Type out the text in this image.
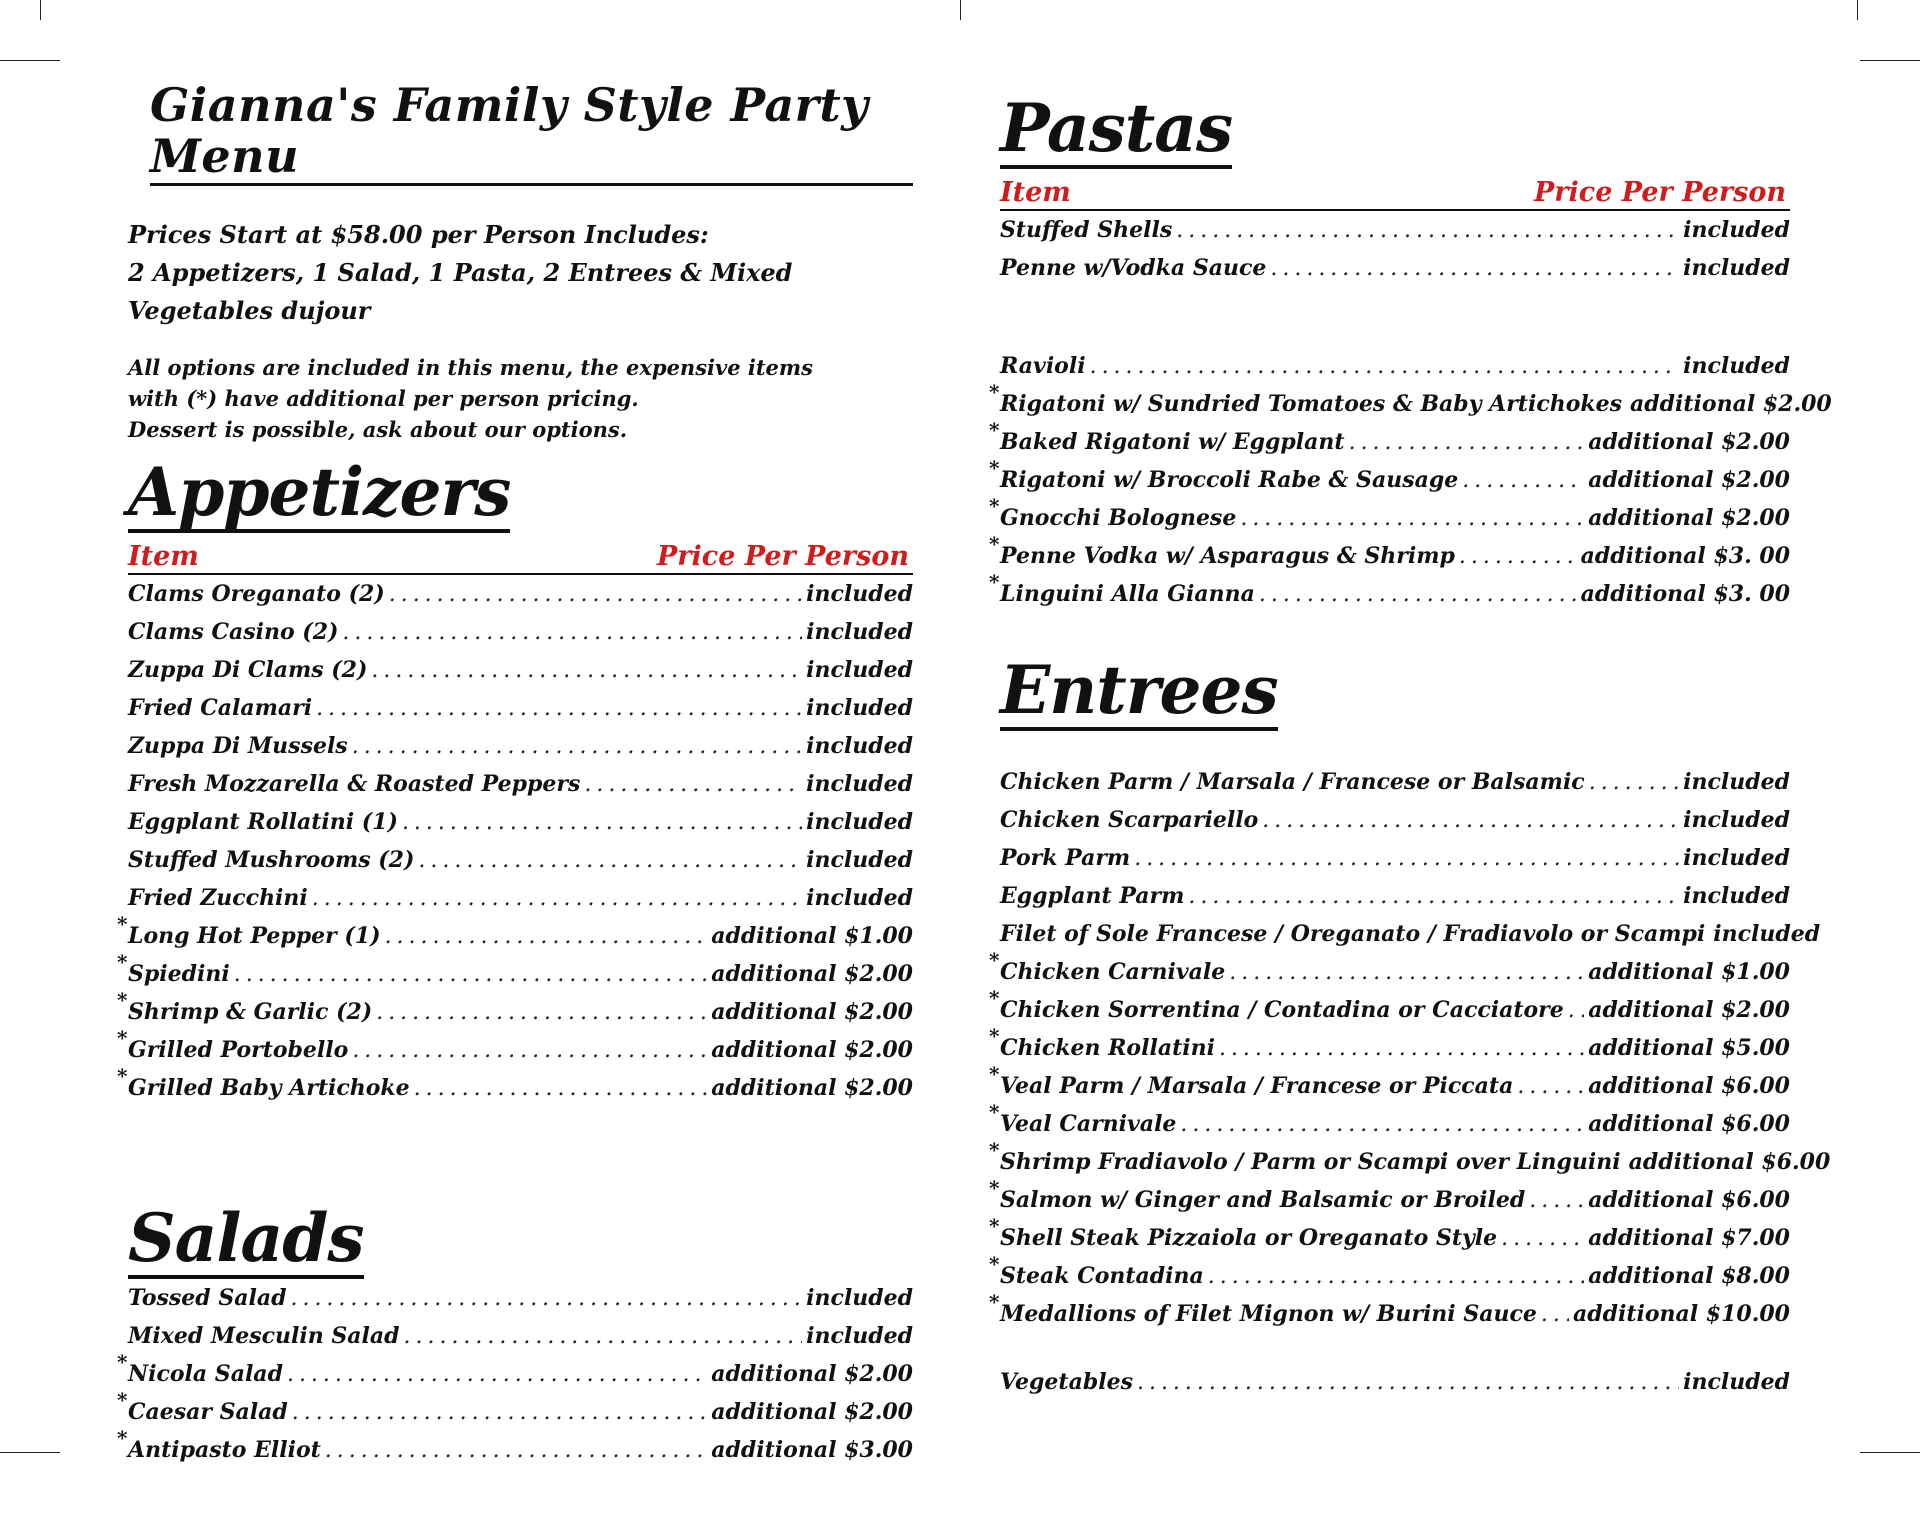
Gianna's Family Style Party Menu
Prices Start at $58.00 per Person Includes:
2 Appetizers, 1 Salad, 1 Pasta, 2 Entrees & Mixed Vegetables dujour
All options are included in this menu, the expensive items
with (*) have additional per person pricing.
Dessert is possible, ask about our options.
Appetizers
Item	Price Per Person
Clams Oreganato (2) . . .	included
Clams Casino (2) . . .	included
Zuppa Di Clams (2) . . .	included
Fried Calamari . . .	included
Zuppa Di Mussels . . .	included
Fresh Mozzarella & Roasted Peppers . . .	included
Eggplant Rollatini (1) . . .	included
Stuffed Mushrooms (2) . . .	included
Fried Zucchini . . .	included
* Long Hot Pepper (1) . . .	additional $1.00
* Spiedini . . .	additional $2.00
* Shrimp & Garlic (2) . . .	additional $2.00
* Grilled Portobello . . .	additional $2.00
* Grilled Baby Artichoke . . .	additional $2.00
Salads
Tossed Salad . . .	included
Mixed Mesculin Salad . . .	included
* Nicola Salad . . .	additional $2.00
* Caesar Salad . . .	additional $2.00
* Antipasto Elliot . . .	additional $3.00
Pastas
Item	Price Per Person
Stuffed Shells . . .	included
Penne w/Vodka Sauce . . .	included
Ravioli . . .	included
* Rigatoni w/ Sundried Tomatoes & Baby Artichokes additional $2.00
* Baked Rigatoni w/ Eggplant . . .	additional $2.00
* Rigatoni w/ Broccoli Rabe & Sausage . . .	additional $2.00
* Gnocchi Bolognese . . .	additional $2.00
* Penne Vodka w/ Asparagus & Shrimp . . .	additional $3. 00
* Linguini Alla Gianna . . .	additional $3. 00
Entrees
Chicken Parm / Marsala / Francese or Balsamic . . .	included
Chicken Scarpariello . . .	included
Pork Parm . . .	included
Eggplant Parm . . .	included
Filet of Sole Francese / Oreganato / Fradiavolo or Scampi included
* Chicken Carnivale . . .	additional $1.00
* Chicken Sorrentina / Contadina or Cacciatore . . . additional $2.00
* Chicken Rollatini . . .	additional $5.00
* Veal Parm / Marsala / Francese or Piccata . . .	additional $6.00
* Veal Carnivale . . .	additional $6.00
* Shrimp Fradiavolo / Parm or Scampi over Linguini additional $6.00
* Salmon w/ Ginger and Balsamic or Broiled . . .	additional $6.00
* Shell Steak Pizzaiola or Oreganato Style . . .	additional $7.00
* Steak Contadina . . .	additional $8.00
* Medallions of Filet Mignon w/ Burini Sauce . . . additional $10.00
Vegetables . . .	included
